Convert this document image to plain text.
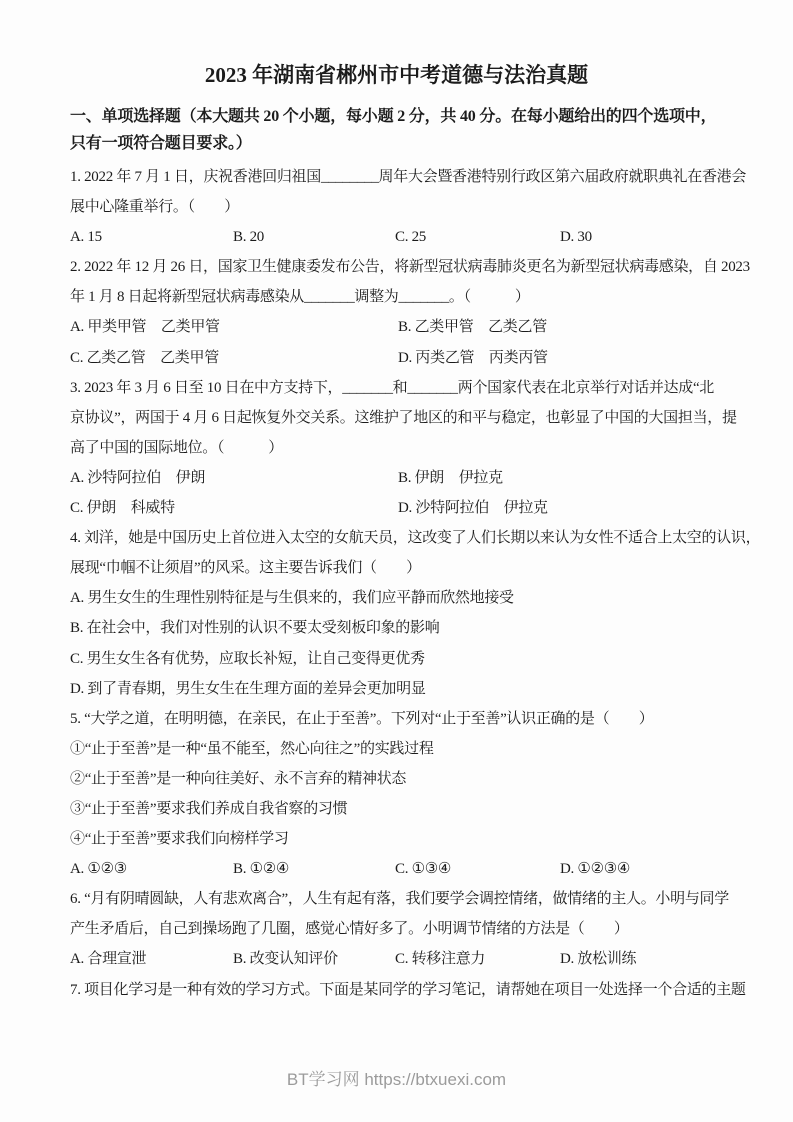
2023 年湖南省郴州市中考道德与法治真题
一、单项选择题（本大题共 20 个小题，每小题 2 分，共 40 分。在每小题给出的四个选项中，
只有一项符合题目要求。）
1. 2022 年 7 月 1 日，庆祝香港回归祖国________周年大会暨香港特别行政区第六届政府就职典礼在香港会
展中心隆重举行。（　　）
A. 15	B. 20	C. 25	D. 30
2. 2022 年 12 月 26 日，国家卫生健康委发布公告，将新型冠状病毒肺炎更名为新型冠状病毒感染，自 2023
年 1 月 8 日起将新型冠状病毒感染从_______调整为_______。（　　　）
A. 甲类甲管　乙类甲管	B. 乙类甲管　乙类乙管
C. 乙类乙管　乙类甲管	D. 丙类乙管　丙类丙管
3. 2023 年 3 月 6 日至 10 日在中方支持下，_______和_______两个国家代表在北京举行对话并达成“北
京协议”，两国于 4 月 6 日起恢复外交关系。这维护了地区的和平与稳定，也彰显了中国的大国担当，提
高了中国的国际地位。（　　　）
A. 沙特阿拉伯　伊朗	B. 伊朗　伊拉克
C. 伊朗　科威特	D. 沙特阿拉伯　伊拉克
4. 刘洋，她是中国历史上首位进入太空的女航天员，这改变了人们长期以来认为女性不适合上太空的认识，
展现“巾帼不让须眉”的风采。这主要告诉我们（　　）
A. 男生女生的生理性别特征是与生俱来的，我们应平静而欣然地接受
B. 在社会中，我们对性别的认识不要太受刻板印象的影响
C. 男生女生各有优势，应取长补短，让自己变得更优秀
D. 到了青春期，男生女生在生理方面的差异会更加明显
5. “大学之道，在明明德，在亲民，在止于至善”。下列对“止于至善”认识正确的是（　　）
①“止于至善”是一种“虽不能至，然心向往之”的实践过程
②“止于至善”是一种向往美好、永不言弃的精神状态
③“止于至善”要求我们养成自我省察的习惯
④“止于至善”要求我们向榜样学习
A. ①②③	B. ①②④	C. ①③④	D. ①②③④
6. “月有阴晴圆缺，人有悲欢离合”，人生有起有落，我们要学会调控情绪，做情绪的主人。小明与同学
产生矛盾后，自己到操场跑了几圈，感觉心情好多了。小明调节情绪的方法是（　　）
A. 合理宣泄	B. 改变认知评价	C. 转移注意力	D. 放松训练
7. 项目化学习是一种有效的学习方式。下面是某同学的学习笔记，请帮她在项目一处选择一个合适的主题
BT学习网 https://btxuexi.com
